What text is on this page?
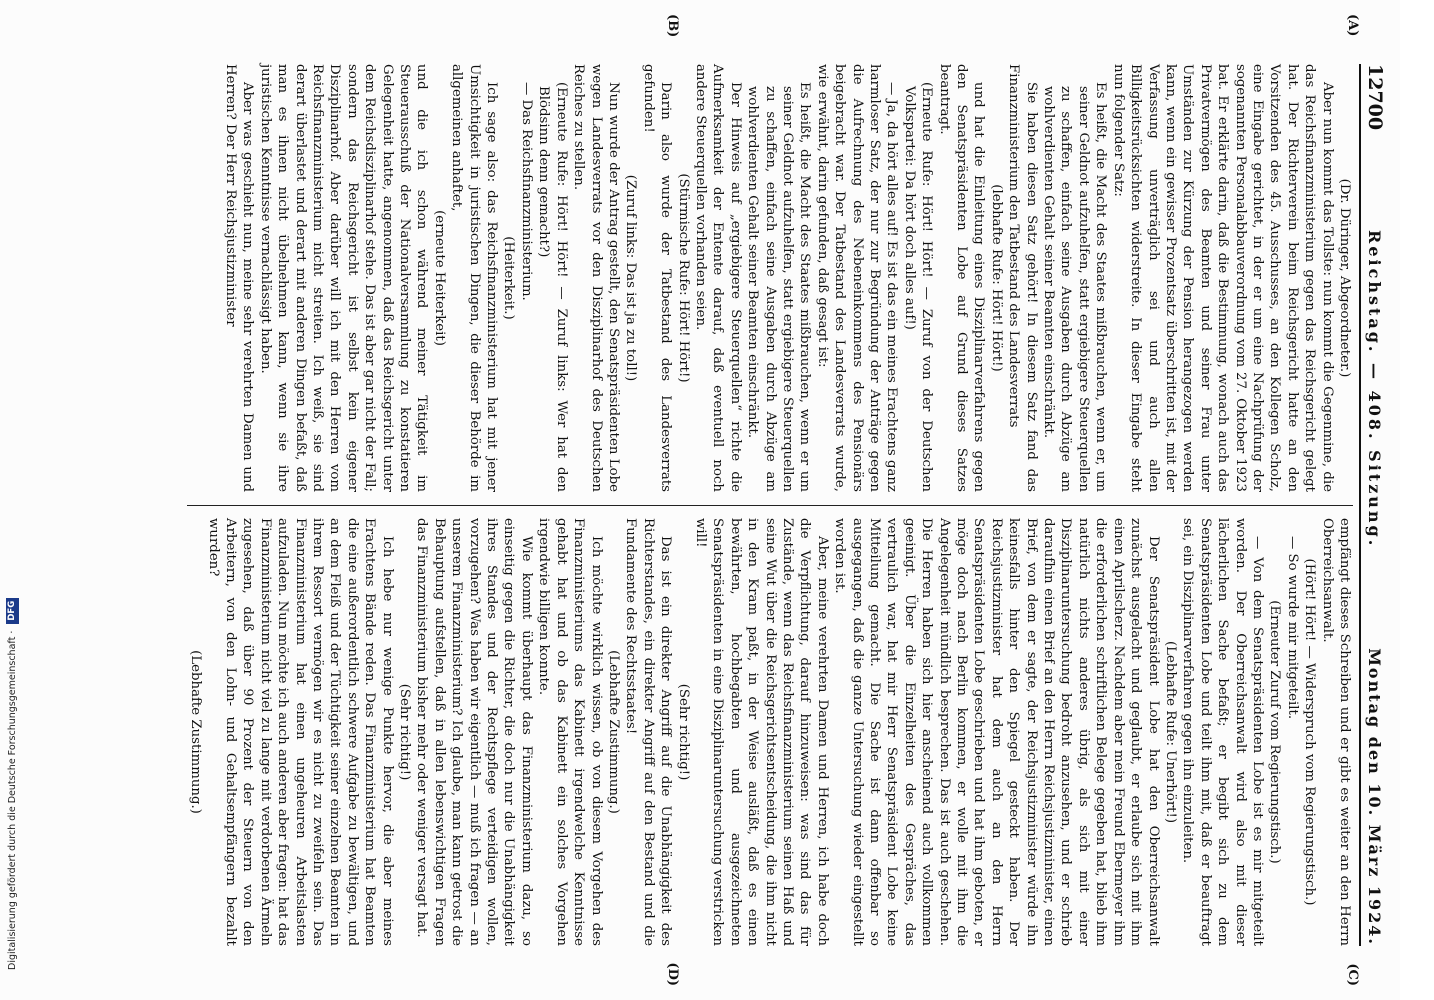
12700
Reichstag. — 408. Sitzung.
Montag den 10. März 1924.
(A)
(B)
(C)
(D)

(Dr. Düringer, Abgeordneter.)

Aber nun kommt das Tollste: nun kommt die Gegenmine, die das Reichsfinanzministerium gegen das Reichsgericht gelegt hat. Der Richterverein beim Reichsgericht hatte an den Vorsitzenden des 45. Ausschusses, an den Kollegen Scholz, eine Eingabe gerichtet, in der er um eine Nachprüfung der sogenannten Personalabbauverordnung vom 27. Oktober 1923 bat. Er erklärte darin, daß die Bestimmung, wonach auch das Privatvermögen des Beamten und seiner Frau unter Umständen zur Kürzung der Pension herangezogen werden kann, wenn ein gewisser Prozentsatz überschritten ist, mit der Verfassung unverträglich sei und auch allen Billigkeitsrücksichten widerstreite. In dieser Eingabe steht nun folgender Satz:

Es heißt, die Macht des Staates mißbrauchen, wenn er, um seiner Geldnot aufzuhelfen, statt ergiebigere Steuerquellen zu schaffen, einfach seine Ausgaben durch Abzüge am wohlverdienten Gehalt seiner Beamten einschränkt.

Sie haben diesen Satz gehört! In diesem Satz fand das Finanzministerium den Tatbestand des Landesverrats

(lebhafte Rufe: Hört! Hört!)

und hat die Einleitung eines Disziplinarverfahrens gegen den Senatspräsidenten Lobe auf Grund dieses Satzes beantragt.

(Erneute Rufe: Hört! Hört! — Zuruf von der Deutschen Volkspartei: Da hört doch alles auf!)

— Ja, da hört alles auf! Es ist das ein meines Erachtens ganz harmloser Satz, der nur zur Begründung der Anträge gegen die Aufrechnung des Nebeneinkommens des Pensionärs beigebracht war. Der Tatbestand des Landesverrats wurde, wie erwähnt, darin gefunden, daß gesagt ist:

Es heißt, die Macht des Staates mißbrauchen, wenn er um seiner Geldnot aufzuhelfen, statt ergiebigere Steuerquellen zu schaffen, einfach seine Ausgaben durch Abzüge am wohlverdienten Gehalt seiner Beamten einschränkt.

Der Hinweis auf „ergiebigere Steuerquellen“ richte die Aufmerksamkeit der Entente darauf, daß eventuell noch andere Steuerquellen vorhanden seien.

(Stürmische Rufe: Hört! Hört!)

Darin also wurde der Tatbestand des Landesverrats gefunden!

(Zuruf links: Das ist ja zu toll!)

Nun wurde der Antrag gestellt, den Senatspräsidenten Lobe wegen Landesverrats vor den Disziplinarhof des Deutschen Reiches zu stellen.

(Erneute Rufe: Hört! Hört! — Zuruf links: Wer hat den Blödsinn denn gemacht?)

— Das Reichsfinanzministerium.

(Heiterkeit.)

Ich sage also: das Reichsfinanzministerium hat mit jener Umsichtigkeit in juristischen Dingen, die dieser Behörde im allgemeinen anhaftet,

(erneute Heiterkeit)

und die ich schon während meiner Tätigkeit im Steuerausschuß der Nationalversammlung zu konstatieren Gelegenheit hatte, angenommen, daß das Reichsgericht unter dem Reichsdisziplinarhof stehe. Das ist aber gar nicht der Fall; sondern das Reichsgericht ist selbst kein eigener Disziplinarhof. Aber darüber will ich mit den Herren vom Reichsfinanzministerium nicht streiten. Ich weiß, sie sind derart überlastet und derart mit anderen Dingen befaßt, daß man es ihnen nicht übelnehmen kann, wenn sie ihre juristischen Kenntnisse vernachlässigt haben.

Aber was geschieht nun, meine sehr verehrten Damen und Herren? Der Herr Reichsjustizminister

empfängt dieses Schreiben und er gibt es weiter an den Herrn Oberreichsanwalt.

(Hört! Hört! — Widerspruch vom Regierungstisch.)

— So wurde mir mitgeteilt.

(Erneuter Zuruf vom Regierungstisch.)

— Von dem Senatspräsidenten Lobe ist es mir mitgeteilt worden. Der Oberreichsanwalt wird also mit dieser lächerlichen Sache befaßt; er begibt sich zu dem Senatspräsidenten Lobe und teilt ihm mit, daß er beauftragt sei, ein Disziplinarverfahren gegen ihn einzuleiten.

(Lebhafte Rufe: Unerhört!)

Der Senatspräsident Lobe hat den Oberreichsanwalt zunächst ausgelacht und geglaubt, er erlaube sich mit ihm einen Aprilscherz. Nachdem aber mein Freund Ebermeyer ihm die erforderlichen schriftlichen Belege gegeben hat, blieb ihm natürlich nichts anderes übrig, als sich mit einer Disziplinaruntersuchung bedroht anzusehen, und er schrieb daraufhin einen Brief an den Herrn Reichsjustizminister, einen Brief, von dem er sagte, der Reichsjustizminister würde ihn keinesfalls hinter den Spiegel gesteckt haben. Der Reichsjustizminister hat dem auch an den Herrn Senatspräsidenten Lobe geschrieben und hat ihm geboten, er möge doch nach Berlin kommen, er wolle mit ihm die Angelegenheit mündlich besprechen. Das ist auch geschehen. Die Herren haben sich hier anscheinend auch vollkommen geeinigt. Über die Einzelheiten des Gespräches, das vertraulich war, hat mir Herr Senatspräsident Lobe keine Mitteilung gemacht. Die Sache ist dann offenbar so ausgegangen, daß die ganze Untersuchung wieder eingestellt worden ist.

Aber, meine verehrten Damen und Herren, ich habe doch die Verpflichtung, darauf hinzuweisen: was sind das für Zustände, wenn das Reichsfinanzministerium seinen Haß und seine Wut über die Reichsgerichtsentscheidung, die ihm nicht in den Kram paßt, in der Weise ausläßt, daß es einen bewährten, hochbegabten und ausgezeichneten Senatspräsidenten in eine Disziplinaruntersuchung verstricken will!

(Sehr richtig!)

Das ist ein direkter Angriff auf die Unabhängigkeit des Richterstandes, ein direkter Angriff auf den Bestand und die Fundamente des Rechtsstaates!

(Lebhafte Zustimmung.)

Ich möchte wirklich wissen, ob von diesem Vorgehen des Finanzministeriums das Kabinett irgendwelche Kenntnisse gehabt hat und ob das Kabinett ein solches Vorgehen irgendwie billigen konnte.

Wie kommt überhaupt das Finanzministerium dazu, so einseitig gegen die Richter, die doch nur die Unabhängigkeit ihres Standes und der Rechtspflege verteidigen wollen, vorzugehen? Was haben wir eigentlich — muß ich fragen — an unserem Finanzministerium? Ich glaube, man kann getrost die Behauptung aufstellen, daß in allen lebenswichtigen Fragen das Finanzministerium bisher mehr oder weniger versagt hat.

(Sehr richtig!)

Ich hebe nur wenige Punkte hervor, die aber meines Erachtens Bände reden. Das Finanzministerium hat Beamten die eine außerordentlich schwere Aufgabe zu bewältigen, und an dem Fleiß und der Tüchtigkeit seiner einzelnen Beamten in ihrem Ressort vermögen wir es nicht zu zweifeln sein. Das Finanzministerium hat einen ungeheuren Arbeitslasten aufzuladen. Nun möchte ich auch anderen aber fragen: hat das Finanzministerium nicht viel zu lange mit verdorbenen Ärmeln zugesehen, daß über 90 Prozent der Steuern von den Arbeitern, von den Lohn- und Gehaltsempfängern bezahlt wurden?

(Lebhafte Zustimmung.)

Digitalisierung gefördert durch die Deutsche Forschungsgemeinschaft · DFG
